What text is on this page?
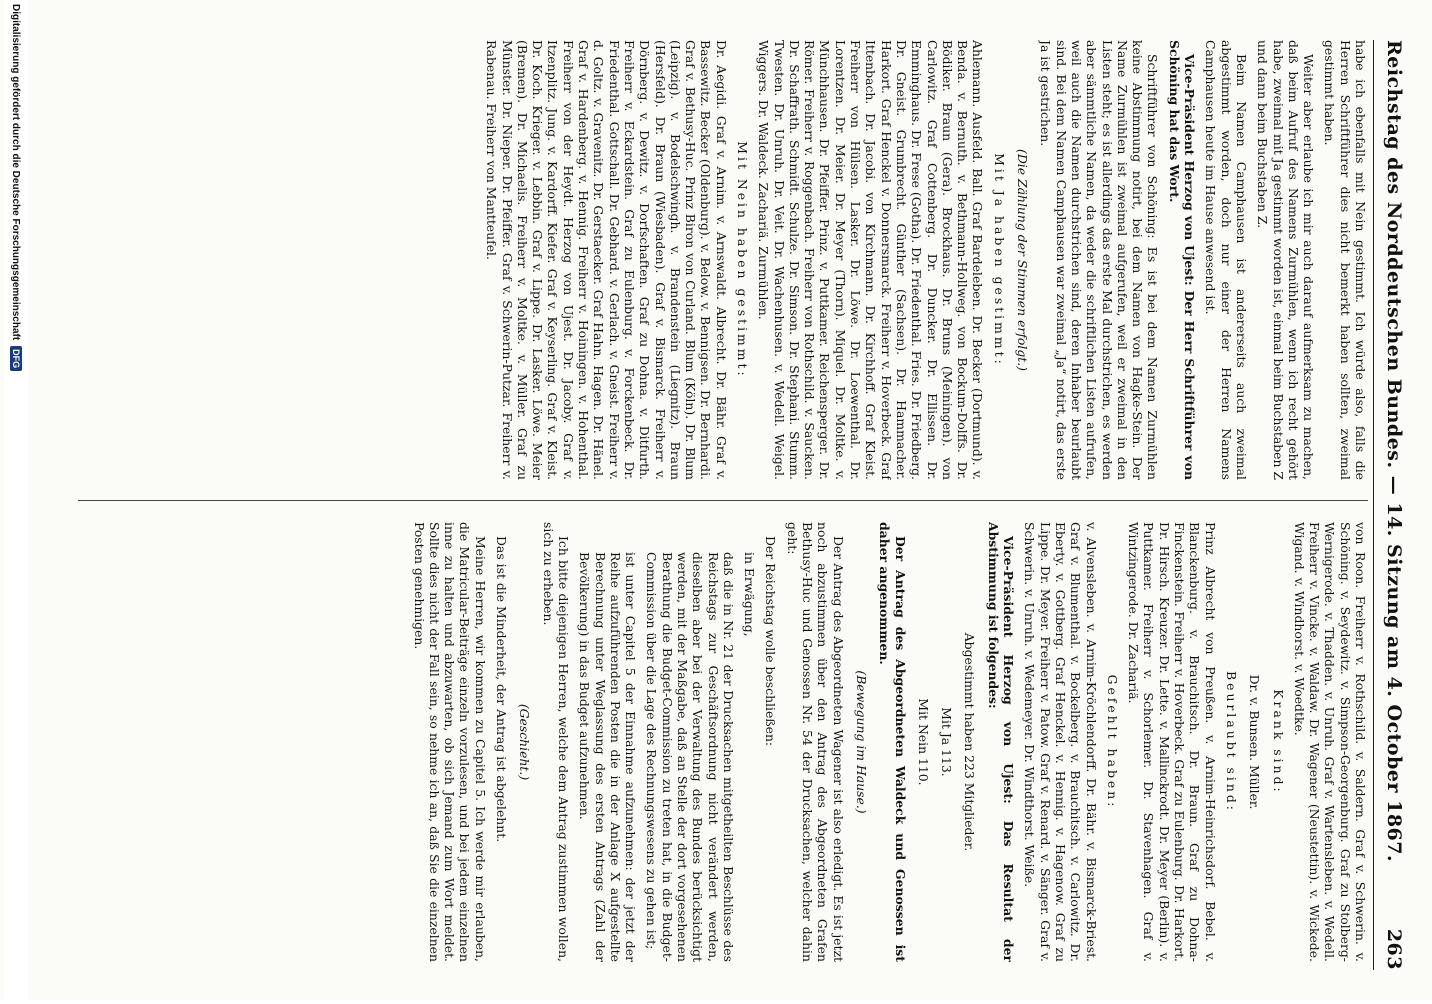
Reichstag des Norddeutschen Bundes. — 14. Sitzung am 4. October 1867.
263

habe ich ebenfalls mit Nein gestimmt. Ich würde also, falls die Herren Schriftführer dies nicht bemerkt haben sollten, zweimal gestimmt haben.

Weiter aber erlaube ich mir auch darauf aufmerksam zu machen, daß beim Aufruf des Namens Zurmühlen, wenn ich recht gehört habe, zweimal mit Ja gestimmt worden ist, einmal beim Buchstaben Z und dann beim Buchstaben Z.

Beim Namen Camphausen ist andererseits auch zweimal abgestimmt worden, doch nur einer der Herren Namens Camphausen heute im Hause anwesend ist.

Vice-Präsident Herzog von Ujest: Der Herr Schriftführer von Schöning hat das Wort.

Schriftführer von Schöning: Es ist bei dem Namen Zurmühlen keine Abstimmung notirt, bei dem Namen von Hagke-Stein. Der Name Zurmühlen ist zweimal aufgerufen, weil er zweimal in den Listen steht; es ist allerdings das erste Mal durchstrichen, es werden aber sämmtliche Namen, da weder die schriftlichen Listen aufrufen, weil auch die Namen durchstrichen sind, deren Inhaber beurlaubt sind. Bei dem Namen Camphausen war zweimal „Ja“ notirt, das erste Ja ist gestrichen.

(Die Zählung der Stimmen erfolgt.)

Mit Ja haben gestimmt:

Ahlemann. Ausfeld. Ball. Graf Bardeleben. Dr. Becker (Dortmund). v. Benda. v. Bernuth. v. Bethmann-Hollweg. von Bockum-Dolffs. Dr. Bödiker. Braun (Gera). Brockhaus. Dr. Bruns (Meiningen). von Carlowitz. Graf Cottenberg. Dr. Duncker. Dr. Ellissen. Dr. Emminghaus. Dr. Frese (Gotha). Dr. Friedenthal. Fries. Dr. Friedberg. Dr. Gneist. Grumbrecht. Günther (Sachsen). Dr. Hammacher. Harkort. Graf Henckel v. Donnersmarck. Freiherr v. Hoverbeck. Graf Ittenbach. Dr. Jacobi. von Kirchmann. Dr. Kirchhoff. Graf Kleist. Freiherr von Hülsen. Lasker. Dr. Löwe. Dr. Loewenthal. Dr. Lorentzen. Dr. Meier. Dr. Meyer (Thorn). Miquel. Dr. Moltke. v. Münchhausen. Dr. Pfeiffer. Prinz. v. Puttkamer. Reichensperger. Dr. Römer. Freiherr v. Roggenbach. Freiherr von Rothschild. v. Saucken. Dr. Schaffrath. Schmidt. Schulze. Dr. Simson. Dr. Stephani. Stumm. Twesten. Dr. Unruh. Dr. Veit. Dr. Wachenhusen. v. Wedell. Weigel. Wiggers. Dr. Waldeck. Zachariä. Zurmühlen.

Mit Nein haben gestimmt:

Dr. Aegidi. Graf v. Arnim. v. Arnswaldt. Albrecht. Dr. Bähr. Graf v. Bassewitz. Becker (Oldenburg). v. Below. v. Bennigsen. Dr. Bernhardi. Graf v. Bethusy-Huc. Prinz Biron von Curland. Blum (Köln). Dr. Blum (Leipzig). v. Bodelschwingh. v. Brandenstein (Liegnitz). Braun (Hersfeld). Dr. Braun (Wiesbaden). Graf v. Bismarck. Freiherr v. Dörnberg. v. Dewitz. v. Dorfschaften. Graf zu Dohna. v. Ditfurth. Freiherr v. Eckardstein. Graf zu Eulenburg. v. Forckenbeck. Dr. Friedenthal. Gottschall. Dr. Gebhard. v. Gerlach. v. Gneist. Freiherr v. d. Goltz. v. Gravenitz. Dr. Gerstaecker. Graf Hahn. Hagen. Dr. Hänel. Graf v. Hardenberg. v. Hennig. Freiherr v. Hoiningen. v. Hohenthal. Freiherr von der Heydt. Herzog von Ujest. Dr. Jacoby. Graf v. Itzenplitz. Jung. v. Kardorff. Kiefer. Graf v. Keyserling. Graf v. Kleist. Dr. Koch. Krieger. v. Lebbin. Graf v. Lippe. Dr. Lasker. Löwe. Meier (Bremen). Dr. Michaelis. Freiherr v. Moltke. v. Müller. Graf zu Münster. Dr. Nieper. Dr. Pfeiffer. Graf v. Schwerin-Putzar. Freiherr v. Rabenau. Freiherr von Mantteufel.

von Roon. Freiherr v. Rothschild. v. Saldern. Graf v. Schwerin. v. Schöning. v. Seydewitz. v. Simpson-Georgenburg. Graf zu Stolberg-Wernigerode. v. Thadden. v. Unruh. Graf v. Wartensleben. v. Wedell. Freiherr v. Vincke. v. Waldaw. Dr. Wagener (Neustettin). v. Wickede. Wigand. v. Windhorst. v. Woedtke.

Krank sind:

Dr. v. Bunsen. Müller.

Beurlaubt sind:

Prinz Albrecht von Preußen. v. Arnim-Heinrichsdorf. Bebel. v. Blanckenburg. v. Brauchitsch. Dr. Braun. Graf zu Dohna-Finckenstein. Freiherr v. Hoverbeck. Graf zu Eulenburg. Dr. Harkort. Dr. Hirsch. Kreuzer. Dr. Lette. v. Mallinckrodt. Dr. Meyer (Berlin). v. Puttkamer. Freiherr v. Schorlemer. Dr. Stavenhagen. Graf v. Wintzingerode. Dr. Zachariä.

Gefehlt haben:

v. Alvensleben. v. Arnim-Kröchlendorff. Dr. Bähr. v. Bismarck-Briest. Graf v. Blumenthal. v. Bockelberg. v. Brauchitsch. v. Carlowitz. Dr. Eberty. v. Gottberg. Graf Henckel. v. Hennig. v. Hagenow. Graf zu Lippe. Dr. Meyer. Freiherr v. Patow. Graf v. Renard. v. Sänger. Graf v. Schwerin. v. Unruh. v. Wedemeyer. Dr. Windthorst. Weiße.

Vice-Präsident Herzog von Ujest: Das Resultat der Abstimmung ist folgendes:

Abgestimmt haben 223 Mitglieder.

Mit Ja 113.

Mit Nein 110.

Der Antrag des Abgeordneten Waldeck und Genossen ist daher angenommen.

(Bewegung im Hause.)

Der Antrag des Abgeordneten Wagener ist also erledigt. Es ist jetzt noch abzustimmen über den Antrag des Abgeordneten Grafen Bethusy-Huc und Genossen Nr. 54 der Drucksachen, welcher dahin geht:

Der Reichstag wolle beschließen:

in Erwägung,

daß die in Nr. 21 der Drucksachen mitgetheilten Beschlüsse des Reichstags zur Geschäftsordnung nicht verändert werden, dieselben aber bei der Verwaltung des Bundes berücksichtigt werden, mit der Maßgabe, daß an Stelle der dort vorgesehenen Berathung die Budget-Commission zu treten hat, in die Budget-Commission über die Lage des Rechnungswesens zu gehen ist;

ist unter Capitel 5 der Einnahme aufzunehmen: der jetzt der Reihe aufzuführenden Posten die in der Anlage X aufgestellte Berechnung unter Weglassung des ersten Antrags (Zahl der Bevölkerung) in das Budget aufzunehmen.

Ich bitte diejenigen Herren, welche dem Antrag zustimmen wollen, sich zu erheben.

(Geschieht.)

Das ist die Minderheit, der Antrag ist abgelehnt.

Meine Herren, wir kommen zu Capitel 5. Ich werde mir erlauben, die Matricular-Beiträge einzeln vorzulesen, und bei jedem einzelnen inne zu halten und abzuwarten, ob sich Jemand zum Wort meldet. Sollte dies nicht der Fall sein, so nehme ich an, daß Sie die einzelnen Posten genehmigen.

Digitalisierung gefördert durch die Deutsche Forschungsgemeinschaft
DFG
